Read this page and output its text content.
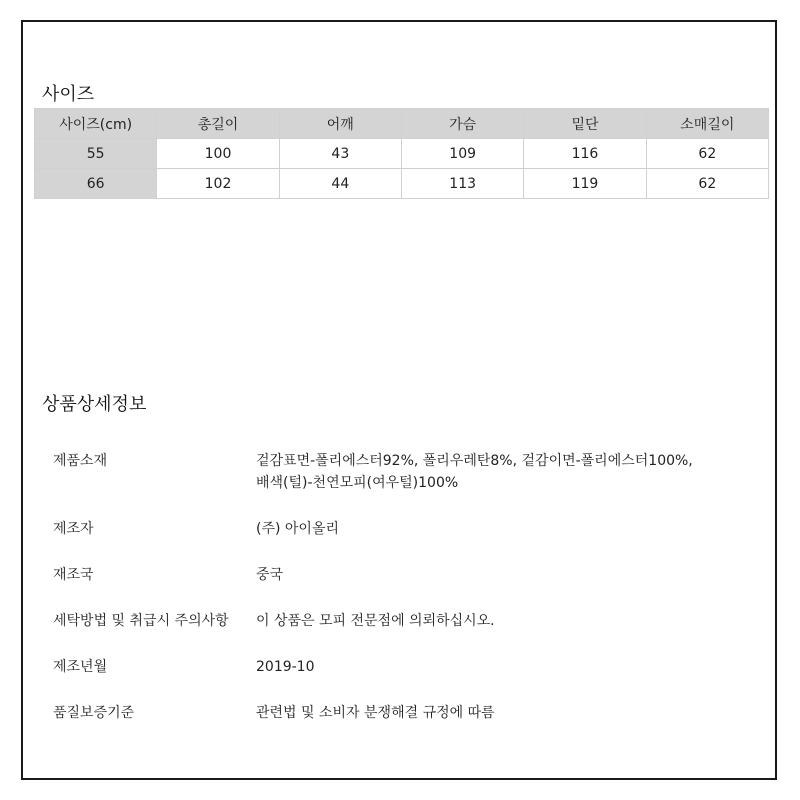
사이즈
사이즈(cm)	총길이	어깨	가슴	밑단	소매길이
55	100	43	109	116	62
66	102	44	113	119	62
상품상세정보
제품소재	겉감표면-폴리에스터92%, 폴리우레탄8%, 겉감이면-폴리에스터100%,
배색(털)-천연모피(여우털)100%
제조자	(주) 아이올리
재조국	중국
세탁방법 및 취급시 주의사항	이 상품은 모피 전문점에 의뢰하십시오.
제조년월	2019-10
품질보증기준	관련법 및 소비자 분쟁해결 규정에 따름
